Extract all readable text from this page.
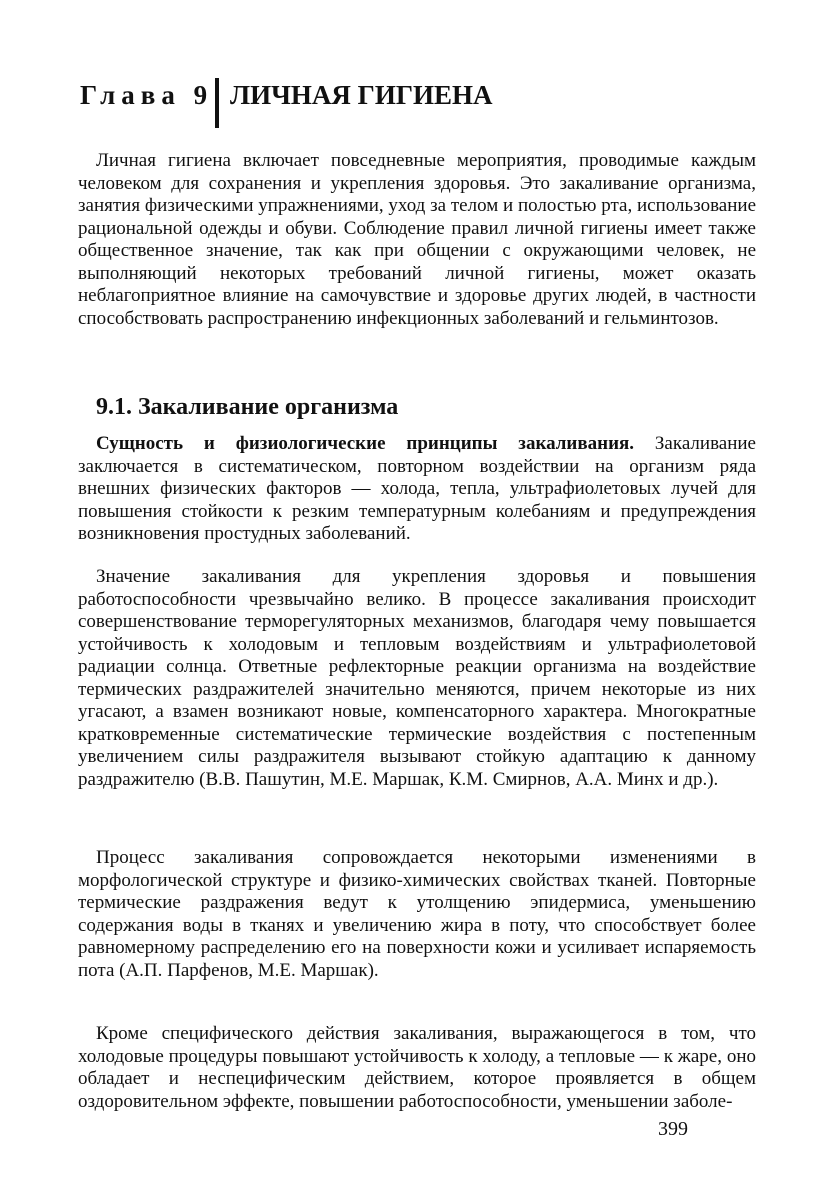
Глава 9 ЛИЧНАЯ ГИГИЕНА

Личная гигиена включает повседневные мероприятия, проводимые каждым человеком для сохранения и укрепления здоровья. Это закаливание организма, занятия физическими упражнениями, уход за телом и полостью рта, использование рациональной одежды и обуви. Соблюдение правил личной гигиены имеет также общественное значение, так как при общении с окружающими человек, не выполняющий некоторых требований личной гигиены, может оказать неблагоприятное влияние на самочувствие и здоровье других людей, в частности способствовать распространению инфекционных заболеваний и гельминтозов.

9.1. Закаливание организма

Сущность и физиологические принципы закаливания. Закаливание заключается в систематическом, повторном воздействии на организм ряда внешних физических факторов — холода, тепла, ультрафиолетовых лучей для повышения стойкости к резким температурным колебаниям и предупреждения возникновения простудных заболеваний.

Значение закаливания для укрепления здоровья и повышения работоспособности чрезвычайно велико. В процессе закаливания происходит совершенствование терморегуляторных механизмов, благодаря чему повышается устойчивость к холодовым и тепловым воздействиям и ультрафиолетовой радиации солнца. Ответные рефлекторные реакции организма на воздействие термических раздражителей значительно меняются, причем некоторые из них угасают, а взамен возникают новые, компенсаторного характера. Многократные кратковременные систематические термические воздействия с постепенным увеличением силы раздражителя вызывают стойкую адаптацию к данному раздражителю (В.В. Пашутин, М.Е. Маршак, К.М. Смирнов, А.А. Минх и др.).

Процесс закаливания сопровождается некоторыми изменениями в морфологической структуре и физико-химических свойствах тканей. Повторные термические раздражения ведут к утолщению эпидермиса, уменьшению содержания воды в тканях и увеличению жира в поту, что способствует более равномерному распределению его на поверхности кожи и усиливает испаряемость пота (А.П. Парфенов, М.Е. Маршак).

Кроме специфического действия закаливания, выражающегося в том, что холодовые процедуры повышают устойчивость к холоду, а тепловые — к жаре, оно обладает и неспецифическим действием, которое проявляется в общем оздоровительном эффекте, повышении работоспособности, уменьшении заболе-

399
